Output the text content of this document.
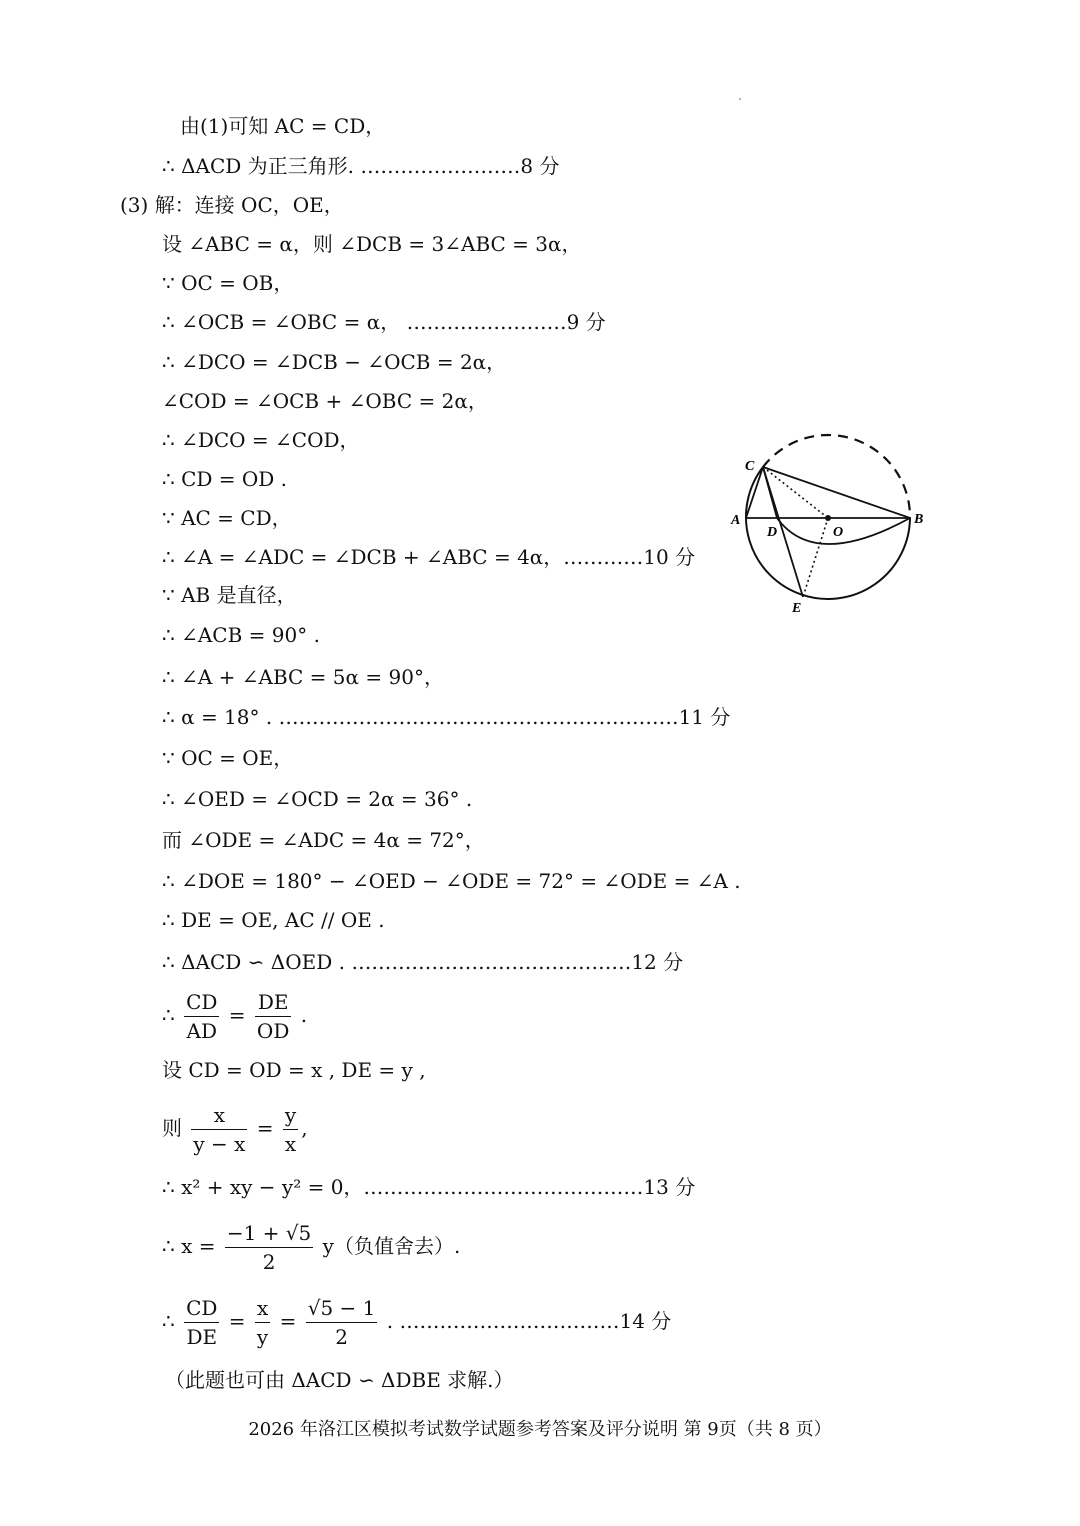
由(1)可知 AC = CD，
∴ ΔACD 为正三角形. ……………………8 分
(3) 解：连接 OC，OE，
设 ∠ABC = α，则 ∠DCB = 3∠ABC = 3α，
∵ OC = OB，
∴ ∠OCB = ∠OBC = α， ……………………9 分
∴ ∠DCO = ∠DCB − ∠OCB = 2α，
∠COD = ∠OCB + ∠OBC = 2α，
∴ ∠DCO = ∠COD，
∴ CD = OD .
∵ AC = CD，
∴ ∠A = ∠ADC = ∠DCB + ∠ABC = 4α，…………10 分
∵ AB 是直径，
∴ ∠ACB = 90° .
∴ ∠A + ∠ABC = 5α = 90°，
∴ α = 18° . ……………………………………………………11 分
∵ OC = OE，
∴ ∠OED = ∠OCD = 2α = 36° .
而 ∠ODE = ∠ADC = 4α = 72°，
∴ ∠DOE = 180° − ∠OED − ∠ODE = 72° = ∠ODE = ∠A .
∴ DE = OE, AC // OE .
∴ ΔACD ∽ ΔOED . ……………………………………12 分
∴ $\frac{CD}{AD} = \frac{DE}{OD}$ .
设 CD = OD = x , DE = y ,
则 $\frac{x}{y - x} = \frac{y}{x}$ ,
∴ x² + xy − y² = 0，……………………………………13 分
∴ $x = \frac{-1 + √5}{2} y$（负值舍去）.
∴ $\frac{CD}{DE} = \frac{x}{y} = \frac{√5 - 1}{2}$ . ……………………………14 分
（此题也可由 ΔACD ∽ ΔDBE 求解.）
C
A
D	O
B
E
2026 年洛江区模拟考试数学试题参考答案及评分说明 第 9页（共 8 页）
